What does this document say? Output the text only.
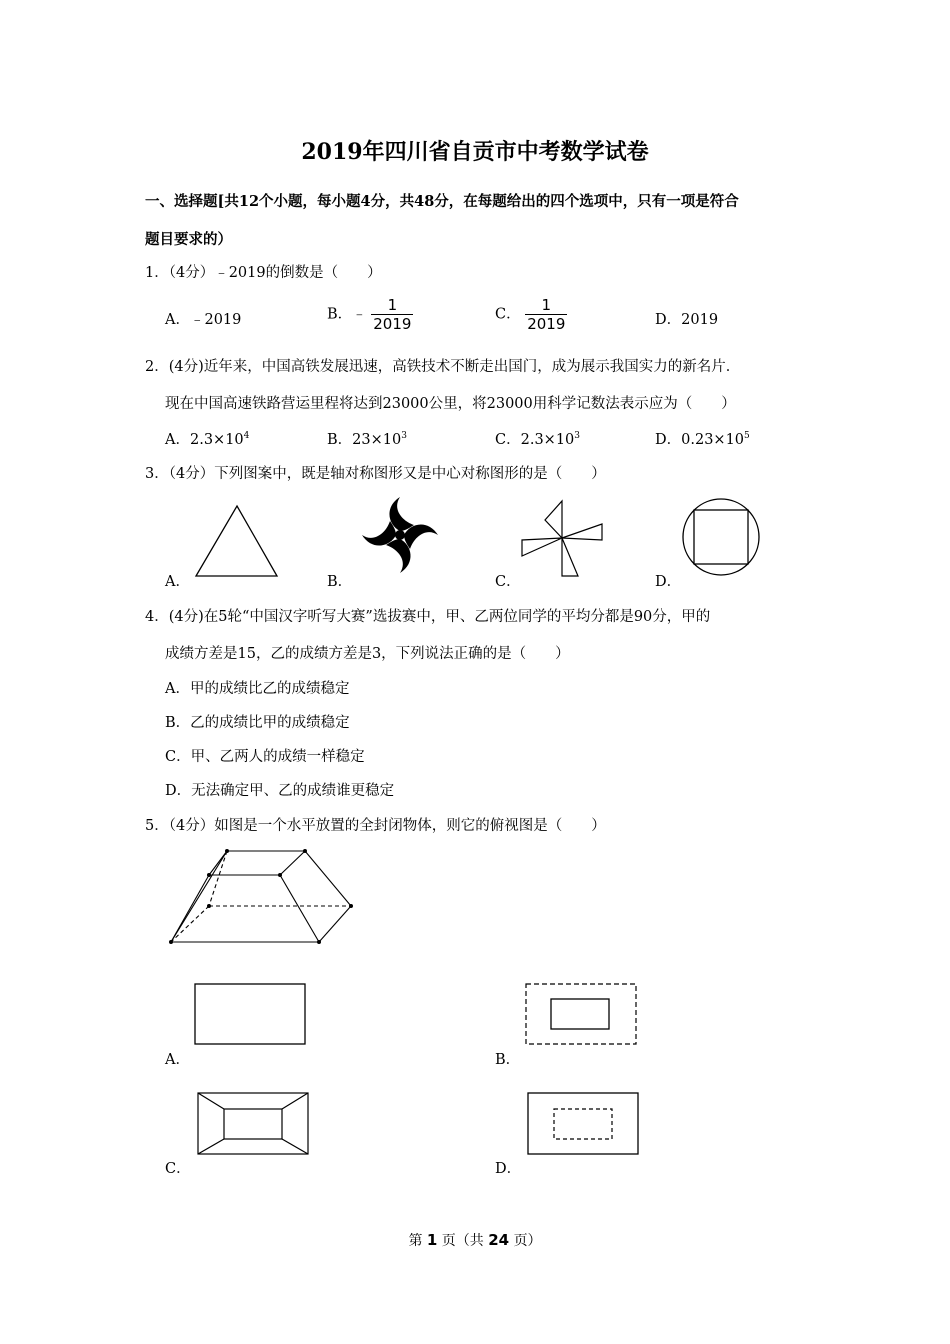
2019年四川省自贡市中考数学试卷
一、选择题[共12个小题，每小题4分，共48分，在每题给出的四个选项中，只有一项是符合
题目要求的）
1．（4分）﹣2019的倒数是（　　）
A．﹣2019	B．﹣ $\frac{1}{2019}$	C． $\frac{1}{2019}$	D．2019
2．(4分)近年来，中国高铁发展迅速，高铁技术不断走出国门，成为展示我国实力的新名片．
现在中国高速铁路营运里程将达到23000公里，将23000用科学记数法表示应为（　　）
A．$2.3\times 10^4$	B．$23\times 10^3$	C．$2.3\times 10^3$	D．$0.23\times 10^5$
3．（4分）下列图案中，既是轴对称图形又是中心对称图形的是（　　）
A．	B．	C．	D．
4．(4分)在5轮“中国汉字听写大赛”选拔赛中，甲、乙两位同学的平均分都是90分，甲的
成绩方差是15，乙的成绩方差是3，下列说法正确的是（　　）
A．甲的成绩比乙的成绩稳定
B．乙的成绩比甲的成绩稳定
C．甲、乙两人的成绩一样稳定
D．无法确定甲、乙的成绩谁更稳定
5．（4分）如图是一个水平放置的全封闭物体，则它的俯视图是（　　）
A．	B．
C．	D．
第 1 页（共 24 页）
